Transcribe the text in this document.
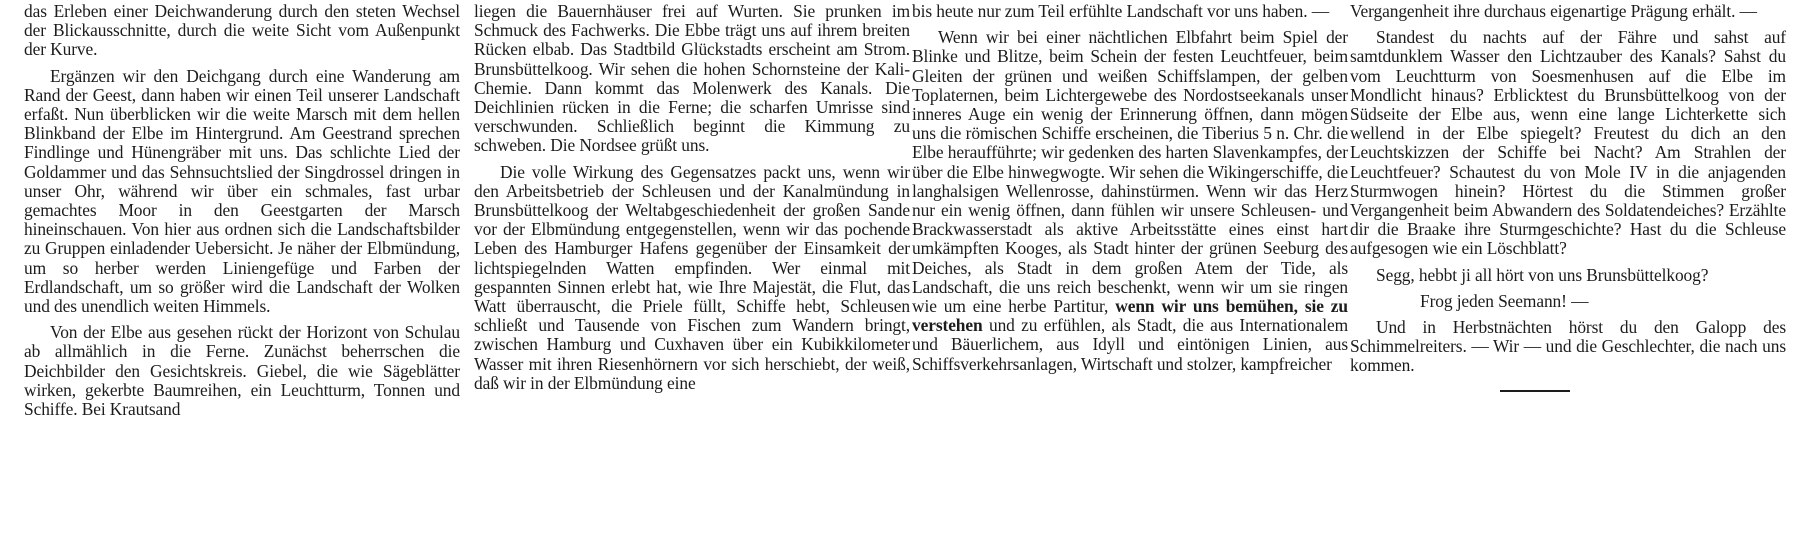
das Erleben einer Deichwanderung durch den steten Wechsel der Blickausschnitte, durch die weite Sicht vom Außenpunkt der Kurve.

Ergänzen wir den Deichgang durch eine Wanderung am Rand der Geest, dann haben wir einen Teil unserer Landschaft erfaßt. Nun überblicken wir die weite Marsch mit dem hellen Blinkband der Elbe im Hintergrund. Am Geestrand sprechen Findlinge und Hünengräber mit uns. Das schlichte Lied der Goldammer und das Sehnsuchtslied der Singdrossel dringen in unser Ohr, während wir über ein schmales, fast urbar gemachtes Moor in den Geestgarten der Marsch hineinschauen. Von hier aus ordnen sich die Landschaftsbilder zu Gruppen einladender Uebersicht. Je näher der Elbmündung, um so herber werden Liniengefüge und Farben der Erdlandschaft, um so größer wird die Landschaft der Wolken und des unendlich weiten Himmels.

Von der Elbe aus gesehen rückt der Horizont von Schulau ab allmählich in die Ferne. Zunächst beherrschen die Deichbilder den Gesichtskreis. Giebel, die wie Sägeblätter wirken, gekerbte Baumreihen, ein Leuchtturm, Tonnen und Schiffe. Bei Krautsand

liegen die Bauernhäuser frei auf Wurten. Sie prunken im Schmuck des Fachwerks. Die Ebbe trägt uns auf ihrem breiten Rücken elbab. Das Stadtbild Glückstadts erscheint am Strom. Brunsbüttelkoog. Wir sehen die hohen Schornsteine der Kali-Chemie. Dann kommt das Molenwerk des Kanals. Die Deichlinien rücken in die Ferne; die scharfen Umrisse sind verschwunden. Schließlich beginnt die Kimmung zu schweben. Die Nordsee grüßt uns.

Die volle Wirkung des Gegensatzes packt uns, wenn wir den Arbeitsbetrieb der Schleusen und der Kanalmündung in Brunsbüttelkoog der Weltabgeschiedenheit der großen Sande vor der Elbmündung entgegenstellen, wenn wir das pochende Leben des Hamburger Hafens gegenüber der Einsamkeit der lichtspiegelnden Watten empfinden. Wer einmal mit gespannten Sinnen erlebt hat, wie Ihre Majestät, die Flut, das Watt überrauscht, die Priele füllt, Schiffe hebt, Schleusen schließt und Tausende von Fischen zum Wandern bringt, zwischen Hamburg und Cuxhaven über ein Kubikkilometer Wasser mit ihren Riesenhörnern vor sich herschiebt, der weiß, daß wir in der Elbmündung eine

bis heute nur zum Teil erfühlte Landschaft vor uns haben. —

Wenn wir bei einer nächtlichen Elbfahrt beim Spiel der Blinke und Blitze, beim Schein der festen Leuchtfeuer, beim Gleiten der grünen und weißen Schiffslampen, der gelben Toplaternen, beim Lichtergewebe des Nordostseekanals unser inneres Auge ein wenig der Erinnerung öffnen, dann mögen uns die römischen Schiffe erscheinen, die Tiberius 5 n. Chr. die Elbe heraufführte; wir gedenken des harten Slavenkampfes, der über die Elbe hinwegwogte. Wir sehen die Wikingerschiffe, die langhalsigen Wellenrosse, dahinstürmen. Wenn wir das Herz nur ein wenig öffnen, dann fühlen wir unsere Schleusen- und Brackwasserstadt als aktive Arbeitsstätte eines einst hart umkämpften Kooges, als Stadt hinter der grünen Seeburg des Deiches, als Stadt in dem großen Atem der Tide, als Landschaft, die uns reich beschenkt, wenn wir um sie ringen wie um eine herbe Partitur, wenn wir uns bemühen, sie zu verstehen und zu erfühlen, als Stadt, die aus Internationalem und Bäuerlichem, aus Idyll und eintönigen Linien, aus Schiffsverkehrsanlagen, Wirtschaft und stolzer, kampfreicher

Vergangenheit ihre durchaus eigenartige Prägung erhält. —

Standest du nachts auf der Fähre und sahst auf samtdunklem Wasser den Lichtzauber des Kanals? Sahst du vom Leuchtturm von Soesmenhusen auf die Elbe im Mondlicht hinaus? Erblicktest du Brunsbüttelkoog von der Südseite der Elbe aus, wenn eine lange Lichterkette sich wellend in der Elbe spiegelt? Freutest du dich an den Leuchtskizzen der Schiffe bei Nacht? Am Strahlen der Leuchtfeuer? Schautest du von Mole IV in die anjagenden Sturmwogen hinein? Hörtest du die Stimmen großer Vergangenheit beim Abwandern des Soldatendeiches? Erzählte dir die Braake ihre Sturmgeschichte? Hast du die Schleuse aufgesogen wie ein Löschblatt?

Segg, hebbt ji all hört von uns Brunsbüttelkoog?

Frog jeden Seemann! —

Und in Herbstnächten hörst du den Galopp des Schimmelreiters. — Wir — und die Geschlechter, die nach uns kommen.
